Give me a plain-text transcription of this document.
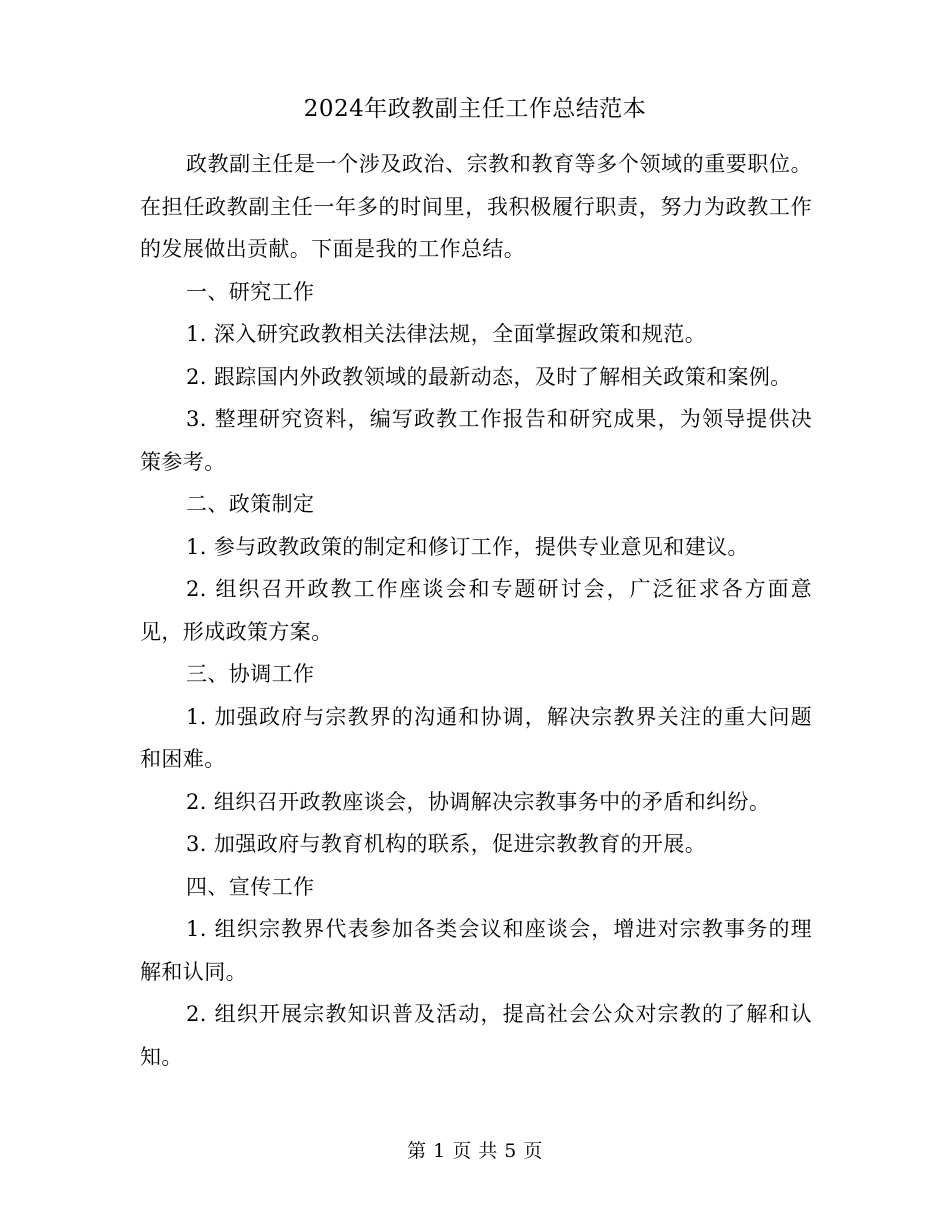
2024年政教副主任工作总结范本

政教副主任是一个涉及政治、宗教和教育等多个领域的重要职位。在担任政教副主任一年多的时间里，我积极履行职责，努力为政教工作的发展做出贡献。下面是我的工作总结。

一、研究工作

1. 深入研究政教相关法律法规，全面掌握政策和规范。

2. 跟踪国内外政教领域的最新动态，及时了解相关政策和案例。

3. 整理研究资料，编写政教工作报告和研究成果，为领导提供决策参考。

二、政策制定

1. 参与政教政策的制定和修订工作，提供专业意见和建议。

2. 组织召开政教工作座谈会和专题研讨会，广泛征求各方面意见，形成政策方案。

三、协调工作

1. 加强政府与宗教界的沟通和协调，解决宗教界关注的重大问题和困难。

2. 组织召开政教座谈会，协调解决宗教事务中的矛盾和纠纷。

3. 加强政府与教育机构的联系，促进宗教教育的开展。

四、宣传工作

1. 组织宗教界代表参加各类会议和座谈会，增进对宗教事务的理解和认同。

2. 组织开展宗教知识普及活动，提高社会公众对宗教的了解和认知。

第 1 页 共 5 页
